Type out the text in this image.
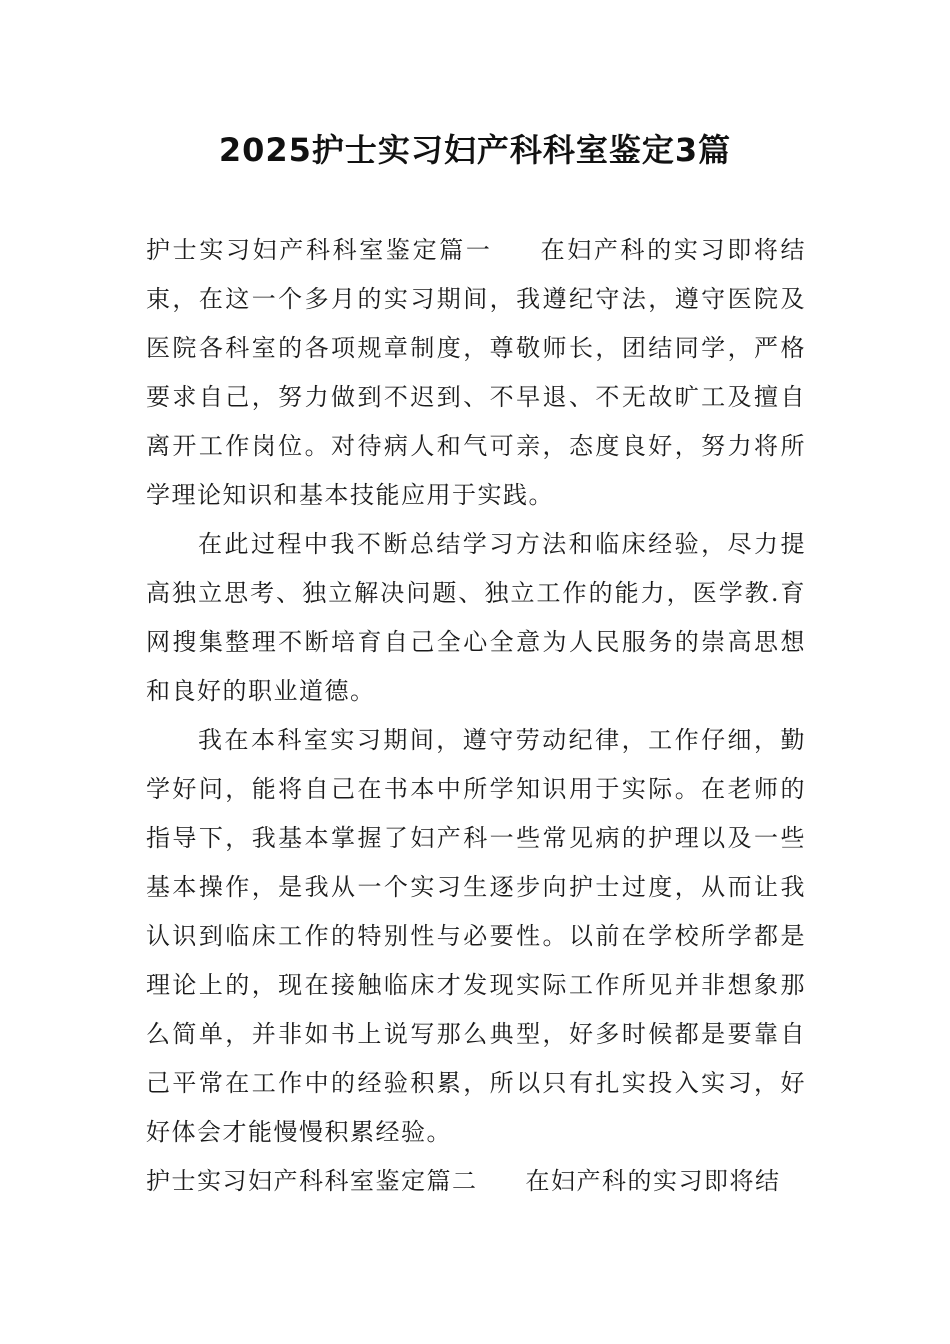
2025护士实习妇产科科室鉴定3篇

护士实习妇产科科室鉴定篇一 在妇产科的实习即将结束，在这一个多月的实习期间，我遵纪守法，遵守医院及医院各科室的各项规章制度，尊敬师长，团结同学，严格要求自己，努力做到不迟到、不早退、不无故旷工及擅自离开工作岗位。对待病人和气可亲，态度良好，努力将所学理论知识和基本技能应用于实践。

在此过程中我不断总结学习方法和临床经验，尽力提高独立思考、独立解决问题、独立工作的能力，医学教.育网搜集整理不断培育自己全心全意为人民服务的崇高思想和良好的职业道德。

我在本科室实习期间，遵守劳动纪律，工作仔细，勤学好问，能将自己在书本中所学知识用于实际。在老师的指导下，我基本掌握了妇产科一些常见病的护理以及一些基本操作，是我从一个实习生逐步向护士过度，从而让我认识到临床工作的特别性与必要性。以前在学校所学都是理论上的，现在接触临床才发现实际工作所见并非想象那么简单，并非如书上说写那么典型，好多时候都是要靠自己平常在工作中的经验积累，所以只有扎实投入实习，好好体会才能慢慢积累经验。

护士实习妇产科科室鉴定篇二 在妇产科的实习即将结
